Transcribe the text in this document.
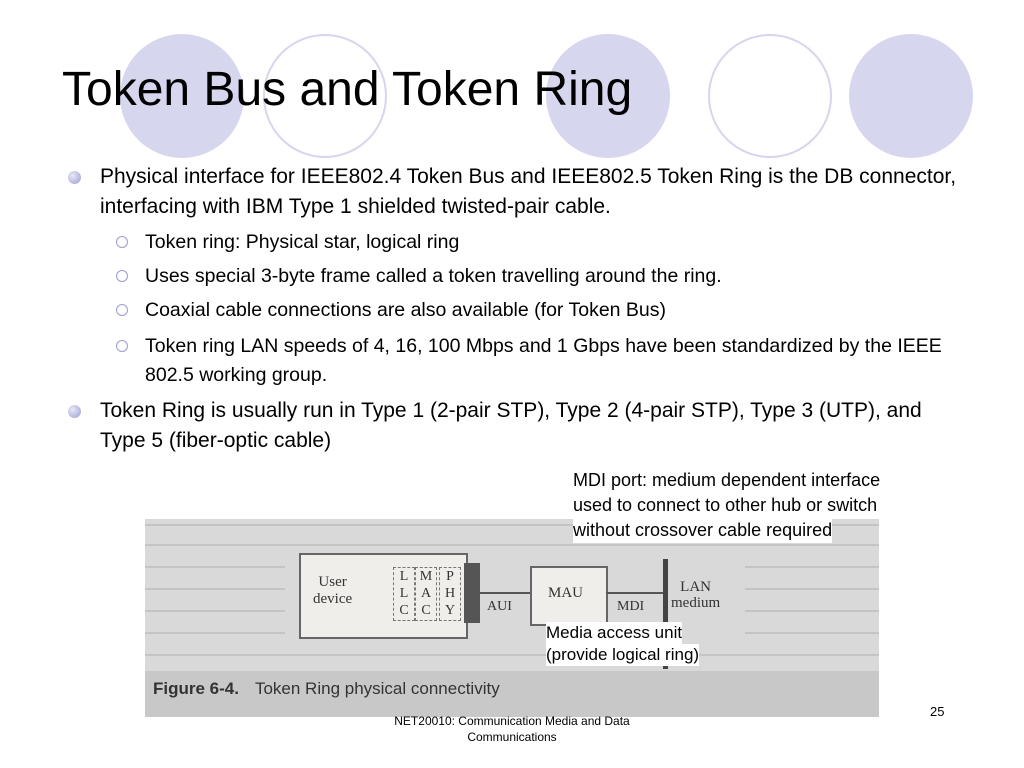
Token Bus and Token Ring
Physical interface for IEEE802.4 Token Bus and IEEE802.5 Token Ring is the DB connector, interfacing with IBM Type 1 shielded twisted-pair cable.
Token ring: Physical star, logical ring
Uses special 3-byte frame called a token travelling around the ring.
Coaxial cable connections are also available (for Token Bus)
Token ring LAN speeds of 4, 16, 100 Mbps and 1 Gbps have been standardized by the IEEE 802.5 working group.
Token Ring is usually run in Type 1 (2-pair STP), Type 2 (4-pair STP), Type 3 (UTP), and Type 5 (fiber-optic cable)
User
device
L
L
C
M
A
C
P
H
Y	AUI
MAU
MDI
LAN
medium
Figure 6-4. Token Ring physical connectivity
MDI port: medium dependent interface
used to connect to other hub or switch
without crossover cable required
Media access unit
(provide logical ring)
NET20010: Communication Media and Data
Communications
25
